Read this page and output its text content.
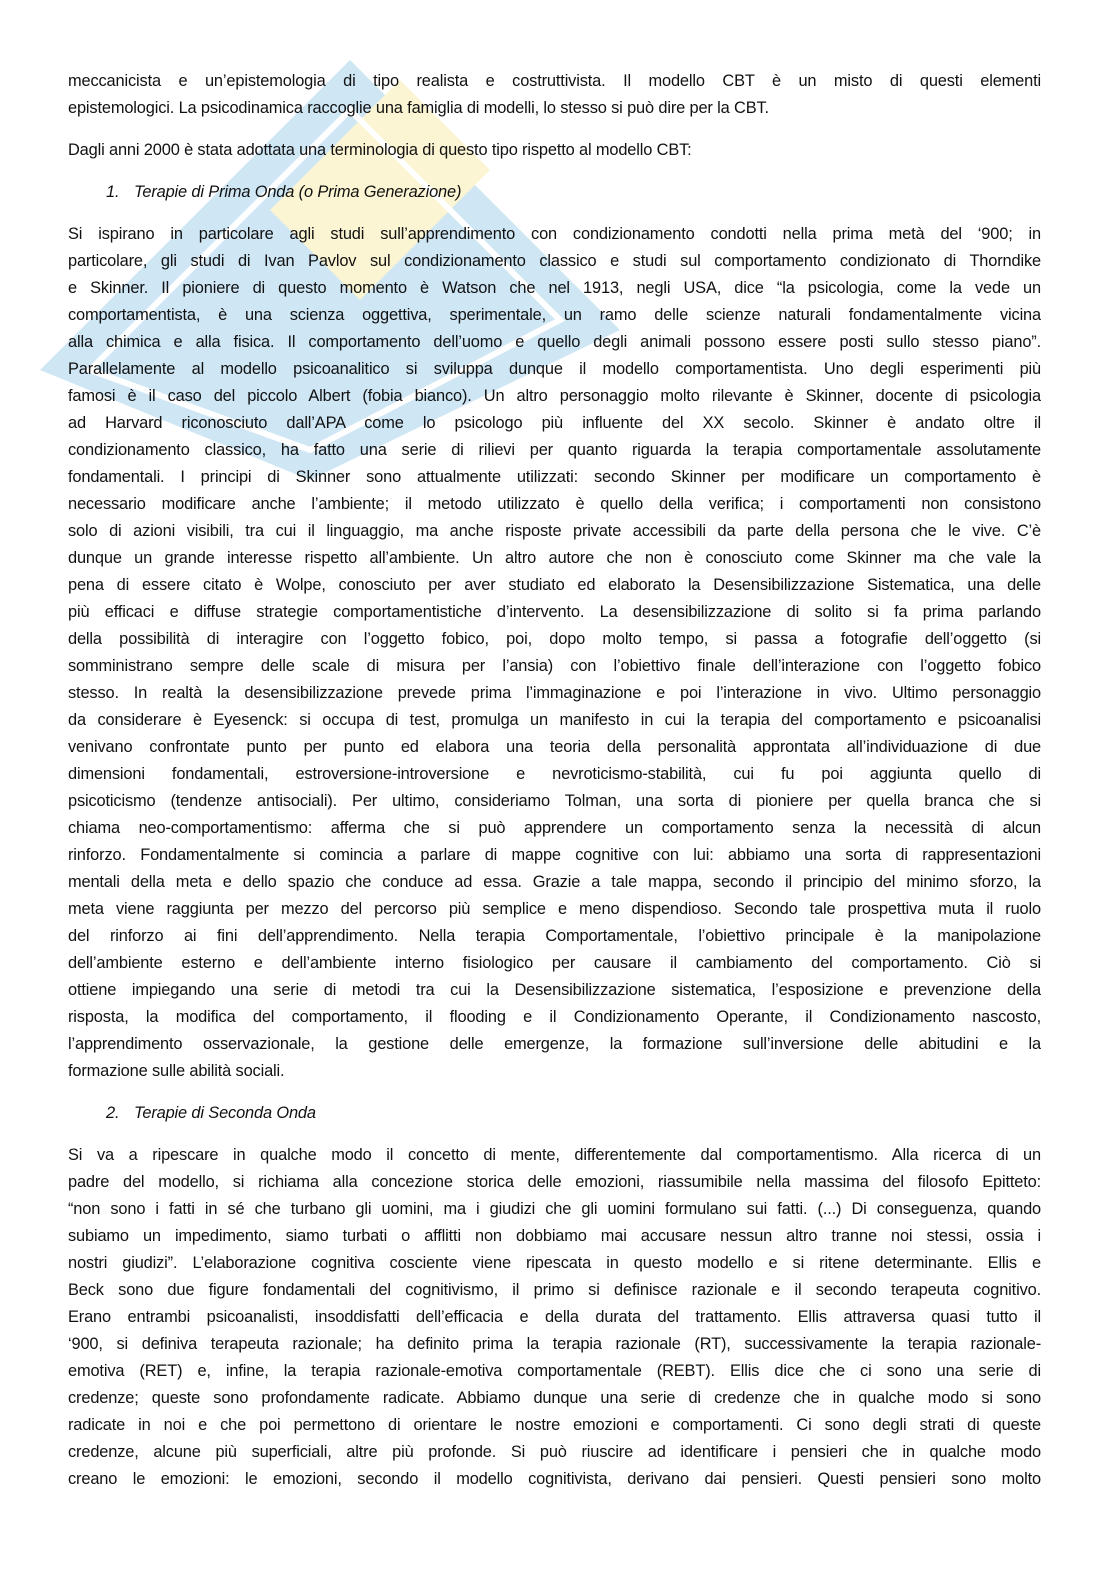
meccanicista e un’epistemologia di tipo realista e costruttivista. Il modello CBT è un misto di questi elementi
epistemologici. La psicodinamica raccoglie una famiglia di modelli, lo stesso si può dire per la CBT.
Dagli anni 2000 è stata adottata una terminologia di questo tipo rispetto al modello CBT:
1. Terapie di Prima Onda (o Prima Generazione)
Si ispirano in particolare agli studi sull’apprendimento con condizionamento condotti nella prima metà del ‘900; in
particolare, gli studi di Ivan Pavlov sul condizionamento classico e studi sul comportamento condizionato di Thorndike
e Skinner. Il pioniere di questo momento è Watson che nel 1913, negli USA, dice “la psicologia, come la vede un
comportamentista, è una scienza oggettiva, sperimentale, un ramo delle scienze naturali fondamentalmente vicina
alla chimica e alla fisica. Il comportamento dell’uomo e quello degli animali possono essere posti sullo stesso piano”.
Parallelamente al modello psicoanalitico si sviluppa dunque il modello comportamentista. Uno degli esperimenti più
famosi è il caso del piccolo Albert (fobia bianco). Un altro personaggio molto rilevante è Skinner, docente di psicologia
ad Harvard riconosciuto dall’APA come lo psicologo più influente del XX secolo. Skinner è andato oltre il
condizionamento classico, ha fatto una serie di rilievi per quanto riguarda la terapia comportamentale assolutamente
fondamentali. I principi di Skinner sono attualmente utilizzati: secondo Skinner per modificare un comportamento è
necessario modificare anche l’ambiente; il metodo utilizzato è quello della verifica; i comportamenti non consistono
solo di azioni visibili, tra cui il linguaggio, ma anche risposte private accessibili da parte della persona che le vive. C’è
dunque un grande interesse rispetto all’ambiente. Un altro autore che non è conosciuto come Skinner ma che vale la
pena di essere citato è Wolpe, conosciuto per aver studiato ed elaborato la Desensibilizzazione Sistematica, una delle
più efficaci e diffuse strategie comportamentistiche d’intervento. La desensibilizzazione di solito si fa prima parlando
della possibilità di interagire con l’oggetto fobico, poi, dopo molto tempo, si passa a fotografie dell’oggetto (si
somministrano sempre delle scale di misura per l’ansia) con l’obiettivo finale dell’interazione con l’oggetto fobico
stesso. In realtà la desensibilizzazione prevede prima l’immaginazione e poi l’interazione in vivo. Ultimo personaggio
da considerare è Eyesenck: si occupa di test, promulga un manifesto in cui la terapia del comportamento e psicoanalisi
venivano confrontate punto per punto ed elabora una teoria della personalità approntata all’individuazione di due
dimensioni fondamentali, estroversione-introversione e nevroticismo-stabilità, cui fu poi aggiunta quello di
psicoticismo (tendenze antisociali). Per ultimo, consideriamo Tolman, una sorta di pioniere per quella branca che si
chiama neo-comportamentismo: afferma che si può apprendere un comportamento senza la necessità di alcun
rinforzo. Fondamentalmente si comincia a parlare di mappe cognitive con lui: abbiamo una sorta di rappresentazioni
mentali della meta e dello spazio che conduce ad essa. Grazie a tale mappa, secondo il principio del minimo sforzo, la
meta viene raggiunta per mezzo del percorso più semplice e meno dispendioso. Secondo tale prospettiva muta il ruolo
del rinforzo ai fini dell’apprendimento. Nella terapia Comportamentale, l’obiettivo principale è la manipolazione
dell’ambiente esterno e dell’ambiente interno fisiologico per causare il cambiamento del comportamento. Ciò si
ottiene impiegando una serie di metodi tra cui la Desensibilizzazione sistematica, l’esposizione e prevenzione della
risposta, la modifica del comportamento, il flooding e il Condizionamento Operante, il Condizionamento nascosto,
l’apprendimento osservazionale, la gestione delle emergenze, la formazione sull’inversione delle abitudini e la
formazione sulle abilità sociali.
2. Terapie di Seconda Onda
Si va a ripescare in qualche modo il concetto di mente, differentemente dal comportamentismo. Alla ricerca di un
padre del modello, si richiama alla concezione storica delle emozioni, riassumibile nella massima del filosofo Epitteto:
“non sono i fatti in sé che turbano gli uomini, ma i giudizi che gli uomini formulano sui fatti. (...) Di conseguenza, quando
subiamo un impedimento, siamo turbati o afflitti non dobbiamo mai accusare nessun altro tranne noi stessi, ossia i
nostri giudizi”. L’elaborazione cognitiva cosciente viene ripescata in questo modello e si ritene determinante. Ellis e
Beck sono due figure fondamentali del cognitivismo, il primo si definisce razionale e il secondo terapeuta cognitivo.
Erano entrambi psicoanalisti, insoddisfatti dell’efficacia e della durata del trattamento. Ellis attraversa quasi tutto il
‘900, si definiva terapeuta razionale; ha definito prima la terapia razionale (RT), successivamente la terapia razionale-
emotiva (RET) e, infine, la terapia razionale-emotiva comportamentale (REBT). Ellis dice che ci sono una serie di
credenze; queste sono profondamente radicate. Abbiamo dunque una serie di credenze che in qualche modo si sono
radicate in noi e che poi permettono di orientare le nostre emozioni e comportamenti. Ci sono degli strati di queste
credenze, alcune più superficiali, altre più profonde. Si può riuscire ad identificare i pensieri che in qualche modo
creano le emozioni: le emozioni, secondo il modello cognitivista, derivano dai pensieri. Questi pensieri sono molto
